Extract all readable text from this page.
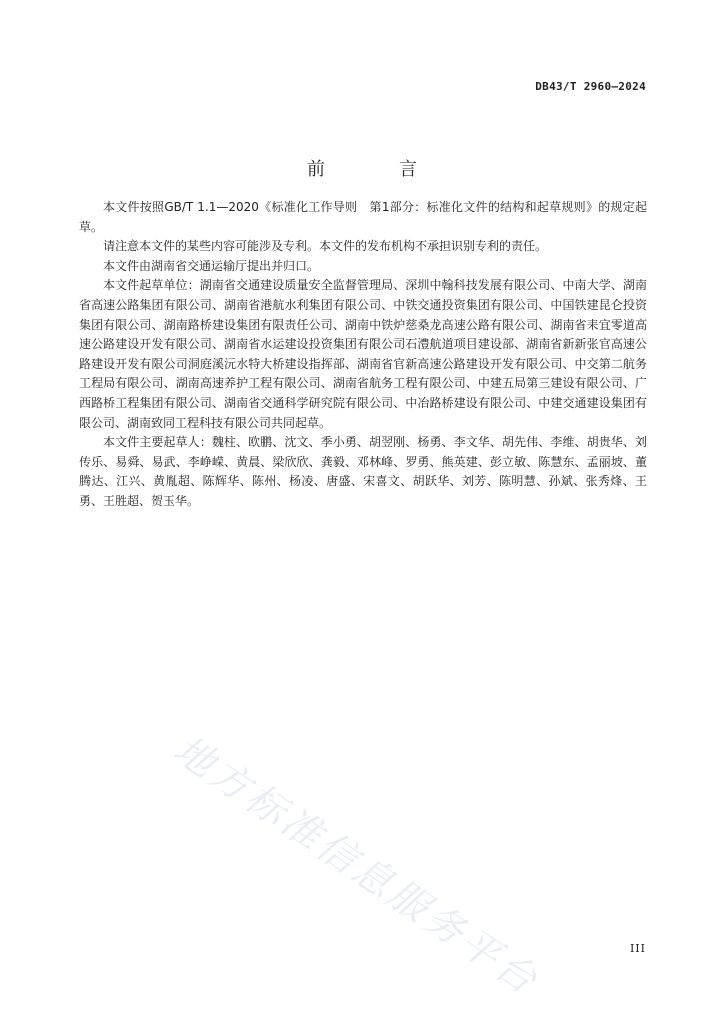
DB43/T 2960—2024
前　言

本文件按照GB/T 1.1—2020《标准化工作导则　第1部分：标准化文件的结构和起草规则》的规定起草。

请注意本文件的某些内容可能涉及专利。本文件的发布机构不承担识别专利的责任。

本文件由湖南省交通运输厅提出并归口。

本文件起草单位：湖南省交通建设质量安全监督管理局、深圳中翰科技发展有限公司、中南大学、湖南省高速公路集团有限公司、湖南省港航水利集团有限公司、中铁交通投资集团有限公司、中国铁建昆仑投资集团有限公司、湖南路桥建设集团有限责任公司、湖南中铁炉慈桑龙高速公路有限公司、湖南省耒宜零道高速公路建设开发有限公司、湖南省水运建设投资集团有限公司石澧航道项目建设部、湖南省新新张官高速公路建设开发有限公司洞庭溪沅水特大桥建设指挥部、湖南省官新高速公路建设开发有限公司、中交第二航务工程局有限公司、湖南高速养护工程有限公司、湖南省航务工程有限公司、中建五局第三建设有限公司、广西路桥工程集团有限公司、湖南省交通科学研究院有限公司、中冶路桥建设有限公司、中建交通建设集团有限公司、湖南致同工程科技有限公司共同起草。

本文件主要起草人：魏柱、欧鹏、沈文、季小勇、胡翌刚、杨勇、李文华、胡先伟、李维、胡贵华、刘传乐、易舜、易武、李峥嵘、黄晨、梁欣欣、龚毅、邓林峰、罗勇、熊英建、彭立敏、陈慧东、孟丽坡、董腾达、江兴、黄胤超、陈辉华、陈州、杨凌、唐盛、宋喜文、胡跃华、刘芳、陈明慧、孙斌、张秀烽、王勇、王胜超、贺玉华。

地方标准信息服务平台	III
